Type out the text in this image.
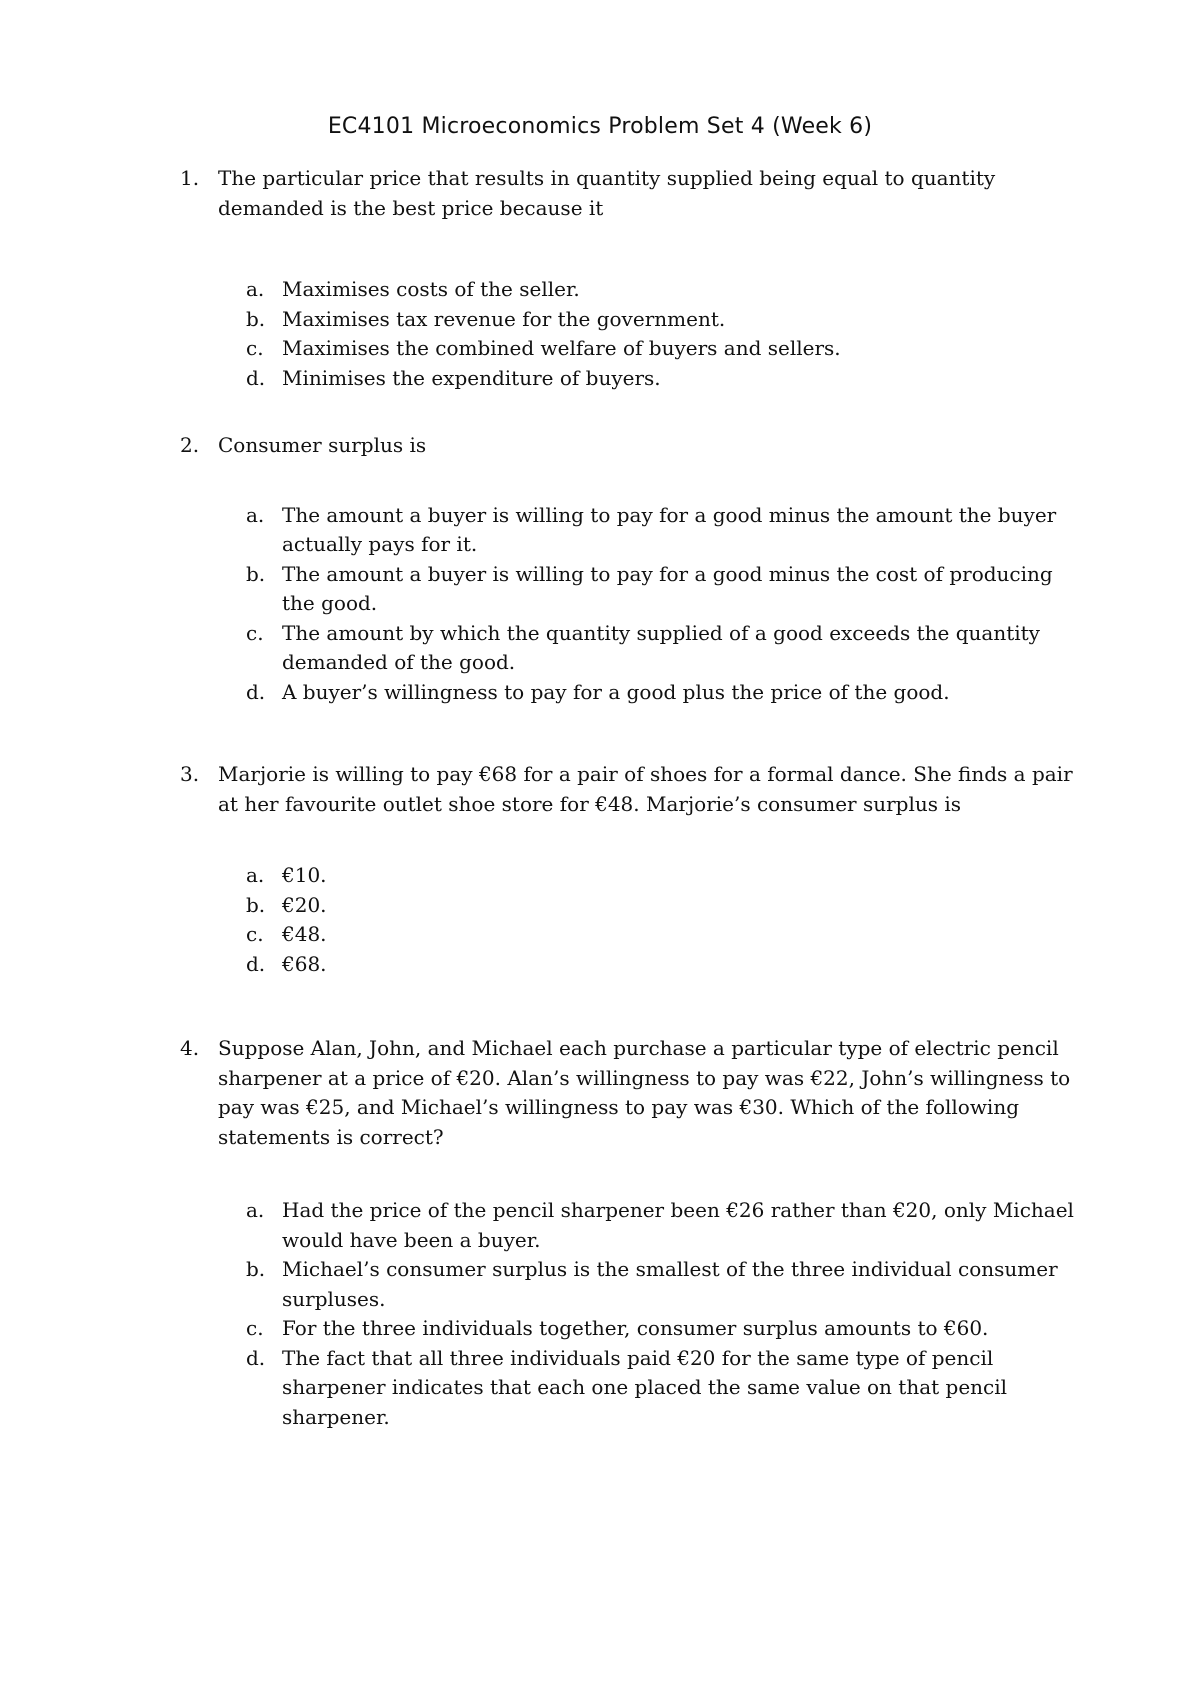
EC4101 Microeconomics Problem Set 4 (Week 6)
1. The particular price that results in quantity supplied being equal to quantity demanded is the best price because it
a. Maximises costs of the seller.
b. Maximises tax revenue for the government.
c. Maximises the combined welfare of buyers and sellers.
d. Minimises the expenditure of buyers.
2. Consumer surplus is
a. The amount a buyer is willing to pay for a good minus the amount the buyer actually pays for it.
b. The amount a buyer is willing to pay for a good minus the cost of producing the good.
c. The amount by which the quantity supplied of a good exceeds the quantity demanded of the good.
d. A buyer’s willingness to pay for a good plus the price of the good.
3. Marjorie is willing to pay €68 for a pair of shoes for a formal dance. She finds a pair at her favourite outlet shoe store for €48. Marjorie’s consumer surplus is
a. €10.
b. €20.
c. €48.
d. €68.
4. Suppose Alan, John, and Michael each purchase a particular type of electric pencil sharpener at a price of €20. Alan’s willingness to pay was €22, John’s willingness to pay was €25, and Michael’s willingness to pay was €30. Which of the following statements is correct?
a. Had the price of the pencil sharpener been €26 rather than €20, only Michael would have been a buyer.
b. Michael’s consumer surplus is the smallest of the three individual consumer surpluses.
c. For the three individuals together, consumer surplus amounts to €60.
d. The fact that all three individuals paid €20 for the same type of pencil sharpener indicates that each one placed the same value on that pencil sharpener.
